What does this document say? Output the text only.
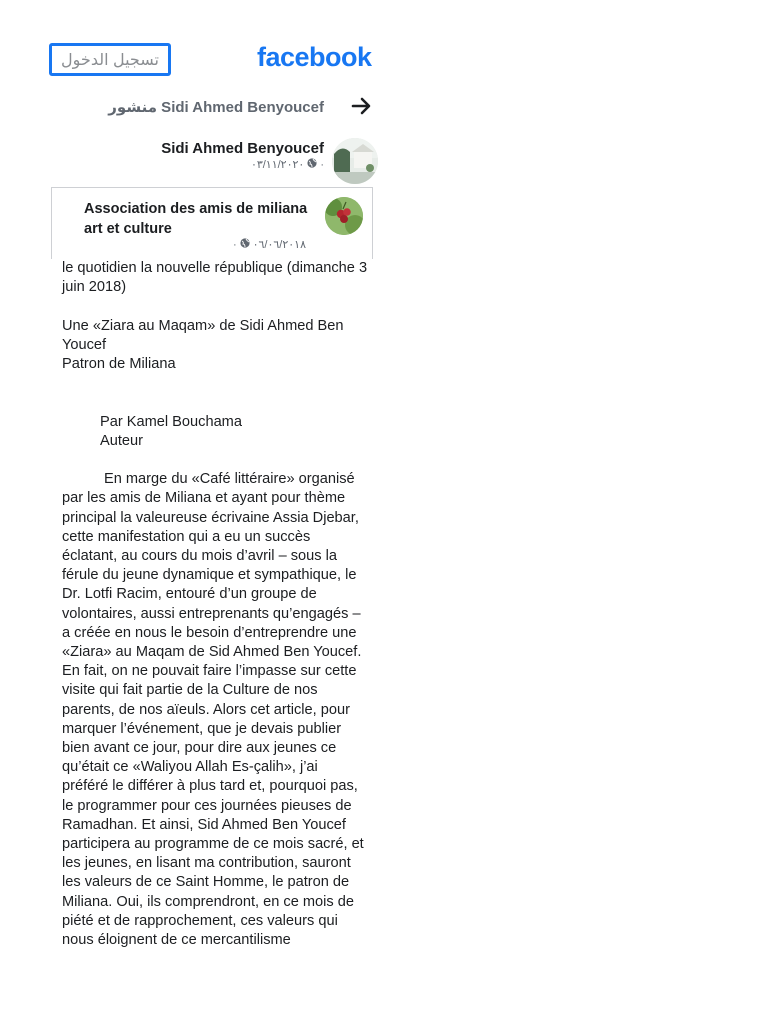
تسجيل الدخول	facebook
منشور Sidi Ahmed Benyoucef
Sidi Ahmed Benyoucef
٠٣/١١/٢٠٢٠ ·
Association des amis de miliana art et culture
· ٠٦/٠٦/٢٠١٨

le quotidien la nouvelle république (dimanche 3 juin 2018)

Une «Ziara au Maqam» de Sidi Ahmed Ben Youcef

Patron de Miliana

Par Kamel Bouchama

Auteur

En marge du «Café littéraire» organisé par les amis de Miliana et ayant pour thème principal la valeureuse écrivaine Assia Djebar, cette manifestation qui a eu un succès éclatant, au cours du mois d’avril – sous la férule du jeune dynamique et sympathique, le Dr. Lotfi Racim, entouré d’un groupe de volontaires, aussi entreprenants qu’engagés – a créée en nous le besoin d’entreprendre une «Ziara» au Maqam de Sid Ahmed Ben Youcef. En fait, on ne pouvait faire l’impasse sur cette visite qui fait partie de la Culture de nos parents, de nos aïeuls. Alors cet article, pour marquer l’événement, que je devais publier bien avant ce jour, pour dire aux jeunes ce qu’était ce «Waliyou Allah Es-çalih», j’ai préféré le différer à plus tard et, pourquoi pas, le programmer pour ces journées pieuses de Ramadhan. Et ainsi, Sid Ahmed Ben Youcef participera au programme de ce mois sacré, et les jeunes, en lisant ma contribution, sauront les valeurs de ce Saint Homme, le patron de Miliana. Oui, ils comprendront, en ce mois de piété et de rapprochement, ces valeurs qui nous éloignent de ce mercantilisme
